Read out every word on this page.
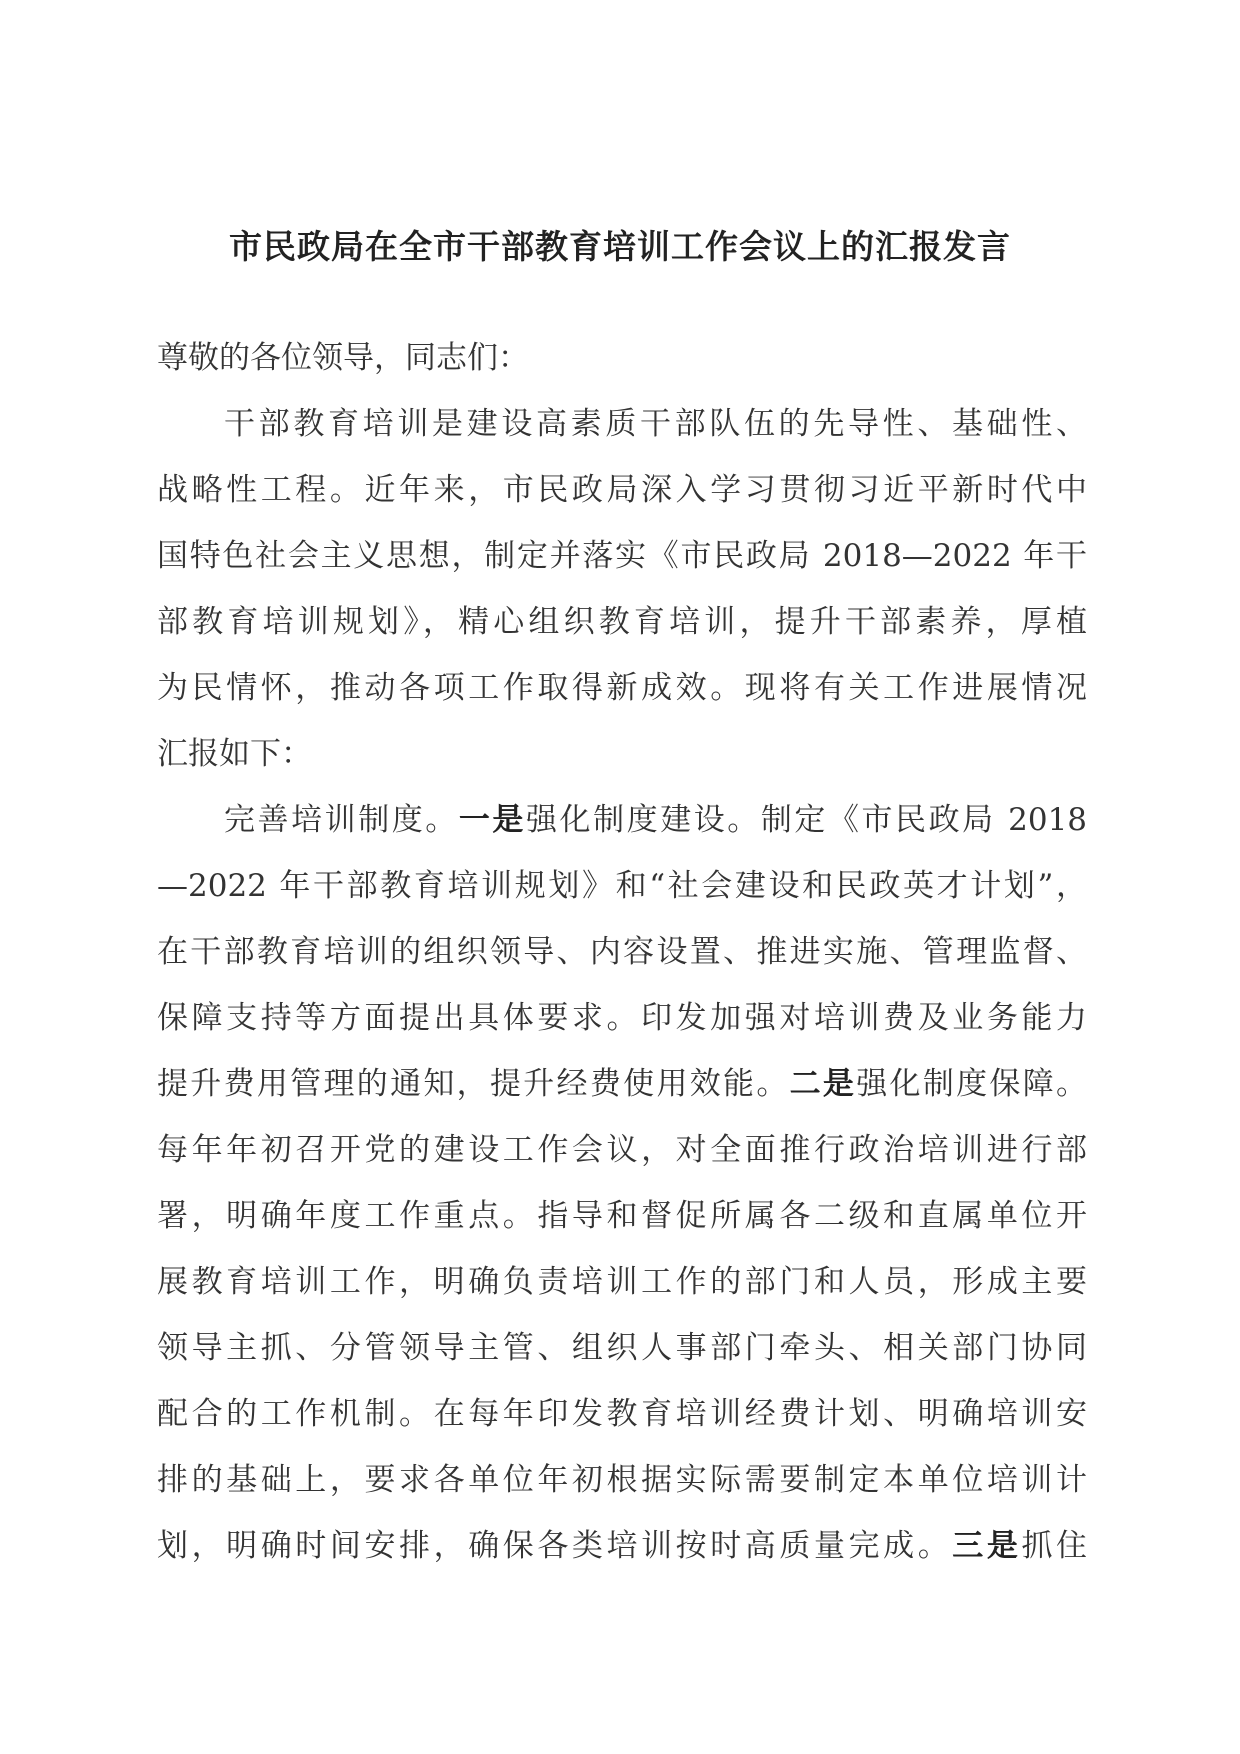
市民政局在全市干部教育培训工作会议上的汇报发言
尊敬的各位领导，同志们：
干部教育培训是建设高素质干部队伍的先导性、基础性、
战略性工程。近年来，市民政局深入学习贯彻习近平新时代中
国特色社会主义思想，制定并落实《市民政局 2018—2022 年干
部教育培训规划》，精心组织教育培训，提升干部素养，厚植
为民情怀，推动各项工作取得新成效。现将有关工作进展情况
汇报如下：
完善培训制度。一是强化制度建设。制定《市民政局 2018
—2022 年干部教育培训规划》和“社会建设和民政英才计划”，
在干部教育培训的组织领导、内容设置、推进实施、管理监督、
保障支持等方面提出具体要求。印发加强对培训费及业务能力
提升费用管理的通知，提升经费使用效能。二是强化制度保障。
每年年初召开党的建设工作会议，对全面推行政治培训进行部
署，明确年度工作重点。指导和督促所属各二级和直属单位开
展教育培训工作，明确负责培训工作的部门和人员，形成主要
领导主抓、分管领导主管、组织人事部门牵头、相关部门协同
配合的工作机制。在每年印发教育培训经费计划、明确培训安
排的基础上，要求各单位年初根据实际需要制定本单位培训计
划，明确时间安排，确保各类培训按时高质量完成。三是抓住
